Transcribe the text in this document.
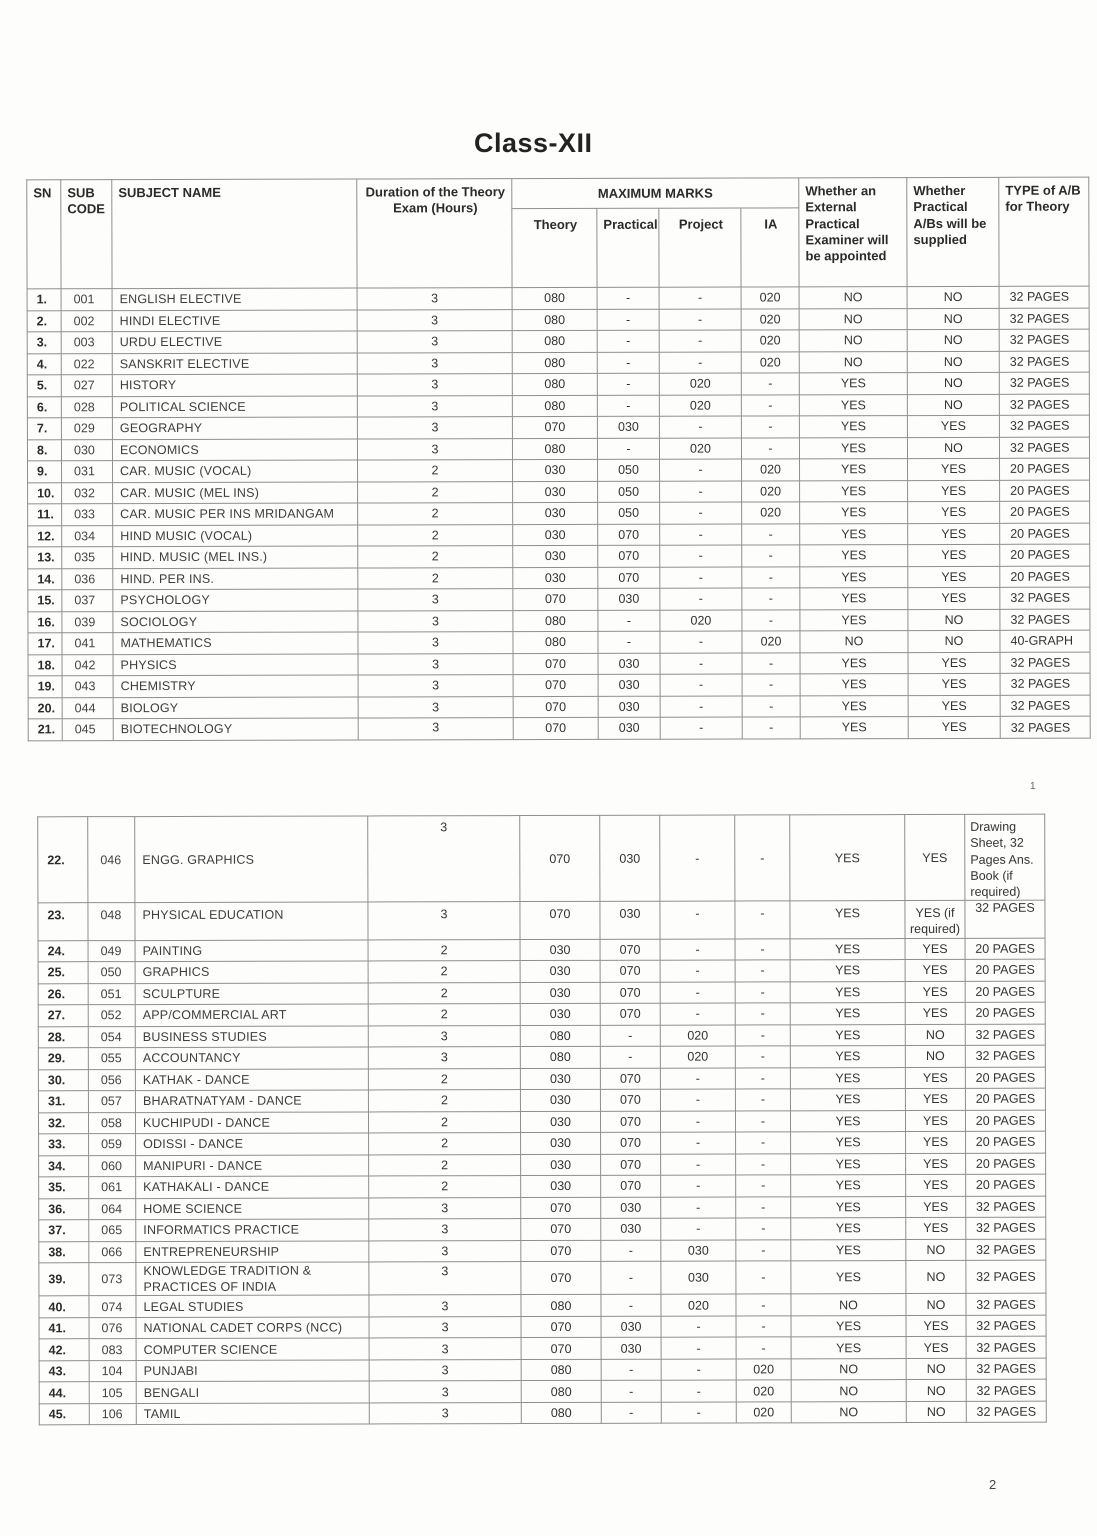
Class-XII
SN	SUB CODE	SUBJECT NAME	Duration of the Theory Exam (Hours)	MAXIMUM MARKS				Whether an External Practical Examiner will be appointed	Whether Practical A/Bs will be supplied	TYPE of A/B for Theory
				Theory	Practical	Project	IA			
1.	001	ENGLISH ELECTIVE	3	080	-	-	020	NO	NO	32 PAGES
2.	002	HINDI ELECTIVE	3	080	-	-	020	NO	NO	32 PAGES
3.	003	URDU ELECTIVE	3	080	-	-	020	NO	NO	32 PAGES
4.	022	SANSKRIT ELECTIVE	3	080	-	-	020	NO	NO	32 PAGES
5.	027	HISTORY	3	080	-	020	-	YES	NO	32 PAGES
6.	028	POLITICAL SCIENCE	3	080	-	020	-	YES	NO	32 PAGES
7.	029	GEOGRAPHY	3	070	030	-	-	YES	YES	32 PAGES
8.	030	ECONOMICS	3	080	-	020	-	YES	NO	32 PAGES
9.	031	CAR. MUSIC (VOCAL)	2	030	050	-	020	YES	YES	20 PAGES
10.	032	CAR. MUSIC (MEL INS)	2	030	050	-	020	YES	YES	20 PAGES
11.	033	CAR. MUSIC PER INS MRIDANGAM	2	030	050	-	020	YES	YES	20 PAGES
12.	034	HIND MUSIC (VOCAL)	2	030	070	-	-	YES	YES	20 PAGES
13.	035	HIND. MUSIC (MEL INS.)	2	030	070	-	-	YES	YES	20 PAGES
14.	036	HIND. PER INS.	2	030	070	-	-	YES	YES	20 PAGES
15.	037	PSYCHOLOGY	3	070	030	-	-	YES	YES	32 PAGES
16.	039	SOCIOLOGY	3	080	-	020	-	YES	NO	32 PAGES
17.	041	MATHEMATICS	3	080	-	-	020	NO	NO	40-GRAPH
18.	042	PHYSICS	3	070	030	-	-	YES	YES	32 PAGES
19.	043	CHEMISTRY	3	070	030	-	-	YES	YES	32 PAGES
20.	044	BIOLOGY	3	070	030	-	-	YES	YES	32 PAGES
21.	045	BIOTECHNOLOGY	3	070	030	-	-	YES	YES	32 PAGES
1
22.	046	ENGG. GRAPHICS	3	070	030	-	-	YES	YES	Drawing Sheet, 32 Pages Ans. Book (if required)
23.	048	PHYSICAL EDUCATION	3	070	030	-	-	YES	YES (if required)	32 PAGES
24.	049	PAINTING	2	030	070	-	-	YES	YES	20 PAGES
25.	050	GRAPHICS	2	030	070	-	-	YES	YES	20 PAGES
26.	051	SCULPTURE	2	030	070	-	-	YES	YES	20 PAGES
27.	052	APP/COMMERCIAL ART	2	030	070	-	-	YES	YES	20 PAGES
28.	054	BUSINESS STUDIES	3	080	-	020	-	YES	NO	32 PAGES
29.	055	ACCOUNTANCY	3	080	-	020	-	YES	NO	32 PAGES
30.	056	KATHAK - DANCE	2	030	070	-	-	YES	YES	20 PAGES
31.	057	BHARATNATYAM - DANCE	2	030	070	-	-	YES	YES	20 PAGES
32.	058	KUCHIPUDI - DANCE	2	030	070	-	-	YES	YES	20 PAGES
33.	059	ODISSI - DANCE	2	030	070	-	-	YES	YES	20 PAGES
34.	060	MANIPURI - DANCE	2	030	070	-	-	YES	YES	20 PAGES
35.	061	KATHAKALI - DANCE	2	030	070	-	-	YES	YES	20 PAGES
36.	064	HOME SCIENCE	3	070	030	-	-	YES	YES	32 PAGES
37.	065	INFORMATICS PRACTICE	3	070	030	-	-	YES	YES	32 PAGES
38.	066	ENTREPRENEURSHIP	3	070	-	030	-	YES	NO	32 PAGES
39.	073	KNOWLEDGE TRADITION & PRACTICES OF INDIA	3	070	-	030	-	YES	NO	32 PAGES
40.	074	LEGAL STUDIES	3	080	-	020	-	NO	NO	32 PAGES
41.	076	NATIONAL CADET CORPS (NCC)	3	070	030	-	-	YES	YES	32 PAGES
42.	083	COMPUTER SCIENCE	3	070	030	-	-	YES	YES	32 PAGES
43.	104	PUNJABI	3	080	-	-	020	NO	NO	32 PAGES
44.	105	BENGALI	3	080	-	-	020	NO	NO	32 PAGES
45.	106	TAMIL	3	080	-	-	020	NO	NO	32 PAGES
2
